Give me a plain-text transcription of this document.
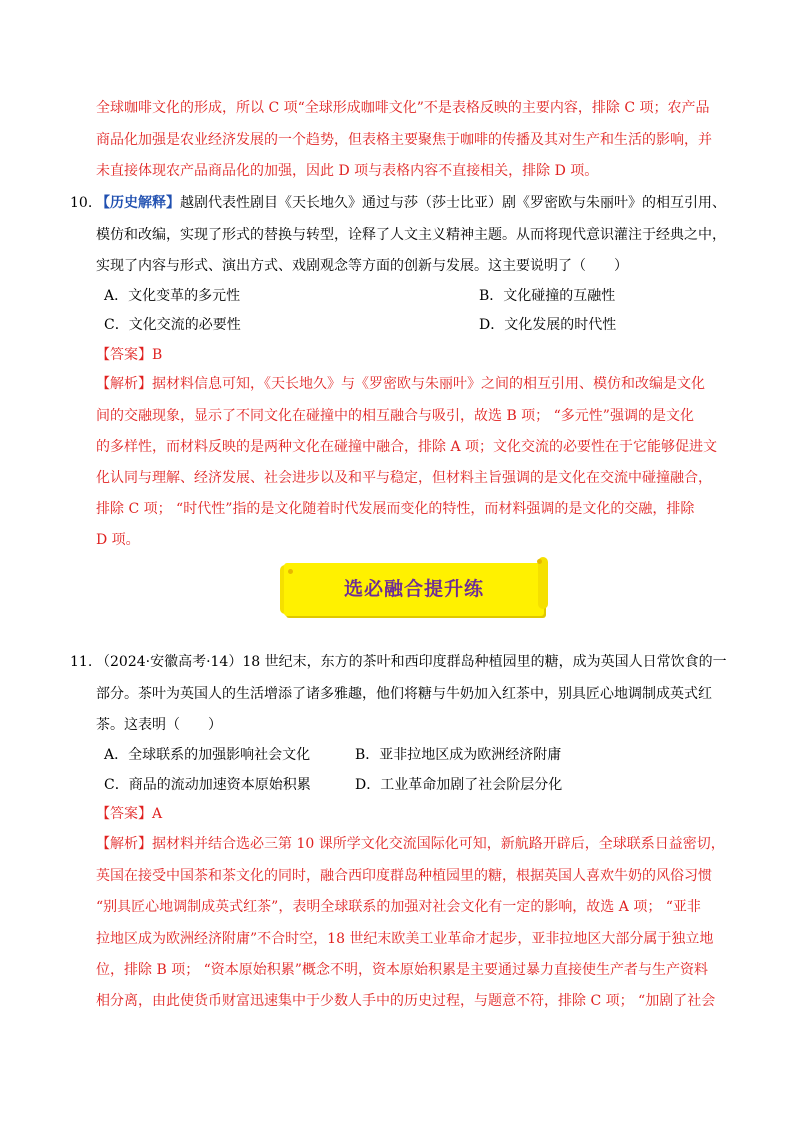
全球咖啡文化的形成，所以 C 项“全球形成咖啡文化”不是表格反映的主要内容，排除 C 项；农产品
商品化加强是农业经济发展的一个趋势，但表格主要聚焦于咖啡的传播及其对生产和生活的影响，并
未直接体现农产品商品化的加强，因此 D 项与表格内容不直接相关，排除 D 项。
10. 【历史解释】越剧代表性剧目《天长地久》通过与莎（莎士比亚）剧《罗密欧与朱丽叶》的相互引用、
模仿和改编，实现了形式的替换与转型，诠释了人文主义精神主题。从而将现代意识灌注于经典之中，
实现了内容与形式、演出方式、戏剧观念等方面的创新与发展。这主要说明了（　　）
A．文化变革的多元性	B．文化碰撞的互融性
C．文化交流的必要性	D．文化发展的时代性
【答案】B
【解析】据材料信息可知，《天长地久》与《罗密欧与朱丽叶》之间的相互引用、模仿和改编是文化
间的交融现象，显示了不同文化在碰撞中的相互融合与吸引，故选 B 项； “多元性”强调的是文化
的多样性，而材料反映的是两种文化在碰撞中融合，排除 A 项；文化交流的必要性在于它能够促进文
化认同与理解、经济发展、社会进步以及和平与稳定，但材料主旨强调的是文化在交流中碰撞融合，
排除 C 项； “时代性”指的是文化随着时代发展而变化的特性，而材料强调的是文化的交融，排除
D 项。
选必融合提升练
11. （2024·安徽高考·14）18 世纪末，东方的茶叶和西印度群岛种植园里的糖，成为英国人日常饮食的一
部分。茶叶为英国人的生活增添了诸多雅趣，他们将糖与牛奶加入红茶中，别具匠心地调制成英式红
茶。这表明（　　）
A．全球联系的加强影响社会文化	B．亚非拉地区成为欧洲经济附庸
C．商品的流动加速资本原始积累	D．工业革命加剧了社会阶层分化
【答案】A
【解析】据材料并结合选必三第 10 课所学文化交流国际化可知，新航路开辟后，全球联系日益密切，
英国在接受中国茶和茶文化的同时，融合西印度群岛种植园里的糖，根据英国人喜欢牛奶的风俗习惯
“别具匠心地调制成英式红茶”，表明全球联系的加强对社会文化有一定的影响，故选 A 项； “亚非
拉地区成为欧洲经济附庸”不合时空，18 世纪末欧美工业革命才起步，亚非拉地区大部分属于独立地
位，排除 B 项； “资本原始积累”概念不明，资本原始积累是主要通过暴力直接使生产者与生产资料
相分离，由此使货币财富迅速集中于少数人手中的历史过程，与题意不符，排除 C 项； “加剧了社会
